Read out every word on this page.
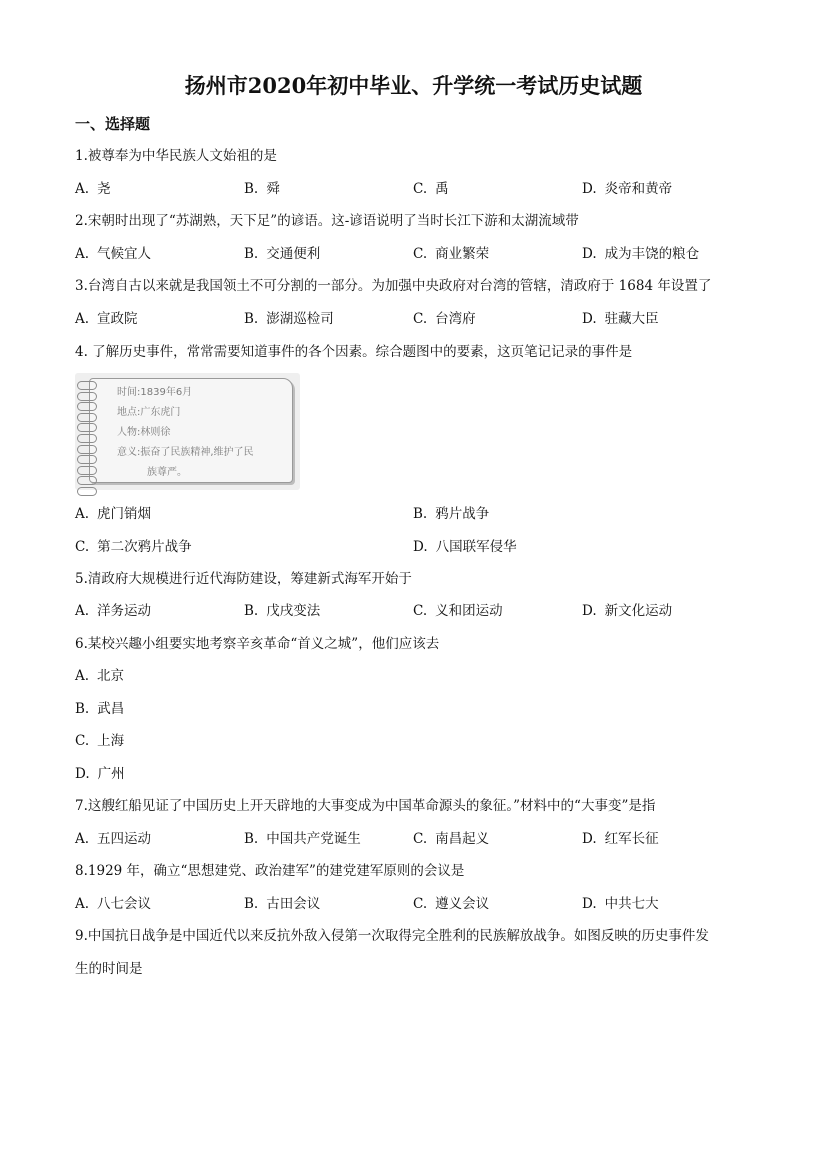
扬州市2020年初中毕业、升学统一考试历史试题
一、选择题
1.被尊奉为中华民族人文始祖的是
A. 尧	B. 舜	C. 禹	D. 炎帝和黄帝
2.宋朝时出现了“苏湖熟，天下足”的谚语。这-谚语说明了当时长江下游和太湖流域带
A. 气候宜人	B. 交通便利	C. 商业繁荣	D. 成为丰饶的粮仓
3.台湾自古以来就是我国领土不可分割的一部分。为加强中央政府对台湾的管辖，清政府于 1684 年设置了
A. 宣政院	B. 澎湖巡检司	C. 台湾府	D. 驻藏大臣
4. 了解历史事件，常常需要知道事件的各个因素。综合题图中的要素，这页笔记记录的事件是
时间:1839年6月
地点:广东虎门
人物:林则徐
意义:振奋了民族精神,维护了民
族尊严。
A. 虎门销烟	B. 鸦片战争
C. 第二次鸦片战争	D. 八国联军侵华
5.清政府大规模进行近代海防建设，筹建新式海军开始于
A. 洋务运动	B. 戊戌变法	C. 义和团运动	D. 新文化运动
6.某校兴趣小组要实地考察辛亥革命“首义之城”，他们应该去
A. 北京
B. 武昌
C. 上海
D. 广州
7.这艘红船见证了中国历史上开天辟地的大事变成为中国革命源头的象征。”材料中的“大事变”是指
A. 五四运动	B. 中国共产党诞生	C. 南昌起义	D. 红军长征
8.1929 年，确立“思想建党、政治建军”的建党建军原则的会议是
A. 八七会议	B. 古田会议	C. 遵义会议	D. 中共七大
9.中国抗日战争是中国近代以来反抗外敌入侵第一次取得完全胜利的民族解放战争。如图反映的历史事件发
生的时间是
